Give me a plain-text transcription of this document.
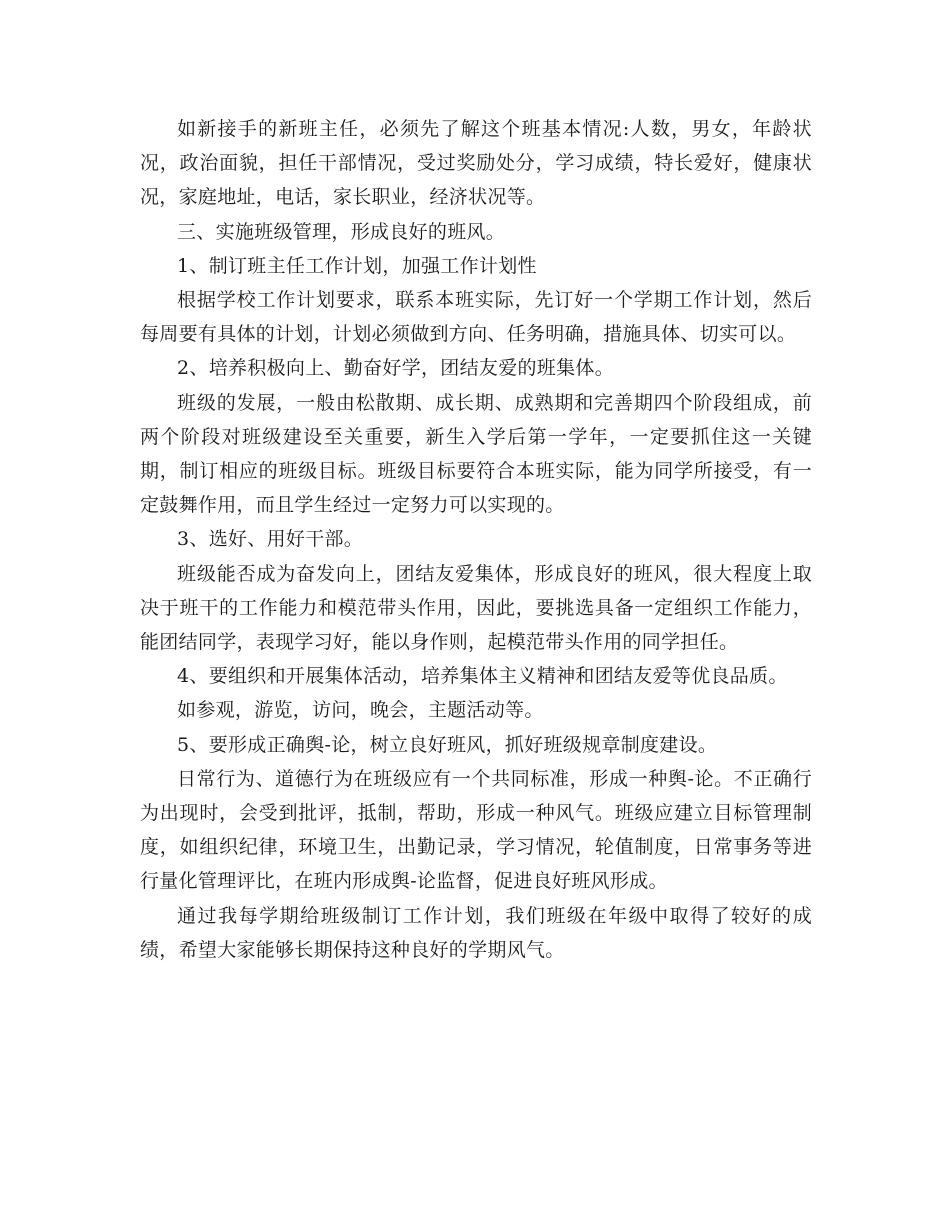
如新接手的新班主任，必须先了解这个班基本情况:人数，男女，年龄状况，政治面貌，担任干部情况，受过奖励处分，学习成绩，特长爱好，健康状况，家庭地址，电话，家长职业，经济状况等。

三、实施班级管理，形成良好的班风。

1、制订班主任工作计划，加强工作计划性

根据学校工作计划要求，联系本班实际，先订好一个学期工作计划，然后每周要有具体的计划，计划必须做到方向、任务明确，措施具体、切实可以。

2、培养积极向上、勤奋好学，团结友爱的班集体。

班级的发展，一般由松散期、成长期、成熟期和完善期四个阶段组成，前两个阶段对班级建设至关重要，新生入学后第一学年，一定要抓住这一关键期，制订相应的班级目标。班级目标要符合本班实际，能为同学所接受，有一定鼓舞作用，而且学生经过一定努力可以实现的。

3、选好、用好干部。

班级能否成为奋发向上，团结友爱集体，形成良好的班风，很大程度上取决于班干的工作能力和模范带头作用，因此，要挑选具备一定组织工作能力，能团结同学，表现学习好，能以身作则，起模范带头作用的同学担任。

4、要组织和开展集体活动，培养集体主义精神和团结友爱等优良品质。

如参观，游览，访问，晚会，主题活动等。

5、要形成正确舆-论，树立良好班风，抓好班级规章制度建设。

日常行为、道德行为在班级应有一个共同标准，形成一种舆-论。不正确行为出现时，会受到批评，抵制，帮助，形成一种风气。班级应建立目标管理制度，如组织纪律，环境卫生，出勤记录，学习情况，轮值制度，日常事务等进行量化管理评比，在班内形成舆-论监督，促进良好班风形成。

通过我每学期给班级制订工作计划，我们班级在年级中取得了较好的成绩，希望大家能够长期保持这种良好的学期风气。
